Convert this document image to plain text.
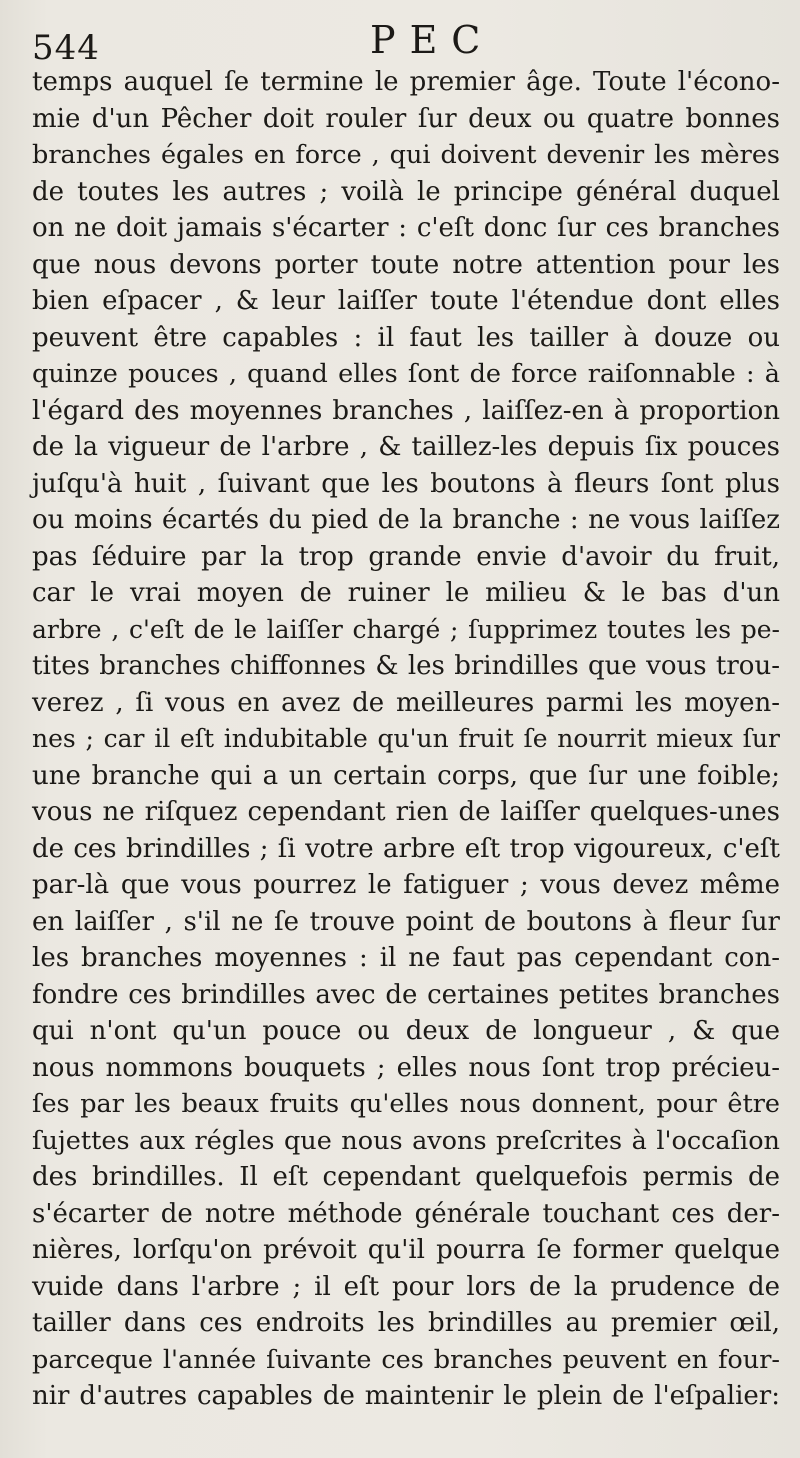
544	PEC
temps auquel ſe termine le premier âge. Toute l'écono-
mie d'un Pêcher doit rouler ſur deux ou quatre bonnes
branches égales en force , qui doivent devenir les mères
de toutes les autres ; voilà le principe général duquel
on ne doit jamais s'écarter : c'eſt donc ſur ces branches
que nous devons porter toute notre attention pour les
bien eſpacer , & leur laiſſer toute l'étendue dont elles
peuvent être capables : il faut les tailler à douze ou
quinze pouces , quand elles ſont de force raiſonnable : à
l'égard des moyennes branches , laiſſez-en à proportion
de la vigueur de l'arbre , & taillez-les depuis ſix pouces
juſqu'à huit , ſuivant que les boutons à fleurs ſont plus
ou moins écartés du pied de la branche : ne vous laiſſez
pas ſéduire par la trop grande envie d'avoir du fruit,
car le vrai moyen de ruiner le milieu & le bas d'un
arbre , c'eſt de le laiſſer chargé ; ſupprimez toutes les pe-
tites branches chiffonnes & les brindilles que vous trou-
verez , ſi vous en avez de meilleures parmi les moyen-
nes ; car il eſt indubitable qu'un fruit ſe nourrit mieux ſur
une branche qui a un certain corps, que ſur une foible;
vous ne riſquez cependant rien de laiſſer quelques-unes
de ces brindilles ; ſi votre arbre eſt trop vigoureux, c'eſt
par-là que vous pourrez le fatiguer ; vous devez même
en laiſſer , s'il ne ſe trouve point de boutons à fleur ſur
les branches moyennes : il ne faut pas cependant con-
fondre ces brindilles avec de certaines petites branches
qui n'ont qu'un pouce ou deux de longueur , & que
nous nommons bouquets ; elles nous ſont trop précieu-
ſes par les beaux fruits qu'elles nous donnent, pour être
ſujettes aux régles que nous avons preſcrites à l'occaſion
des brindilles. Il eſt cependant quelquefois permis de
s'écarter de notre méthode générale touchant ces der-
nières, lorſqu'on prévoit qu'il pourra ſe former quelque
vuide dans l'arbre ; il eſt pour lors de la prudence de
tailler dans ces endroits les brindilles au premier œil,
parceque l'année ſuivante ces branches peuvent en four-
nir d'autres capables de maintenir le plein de l'eſpalier:
